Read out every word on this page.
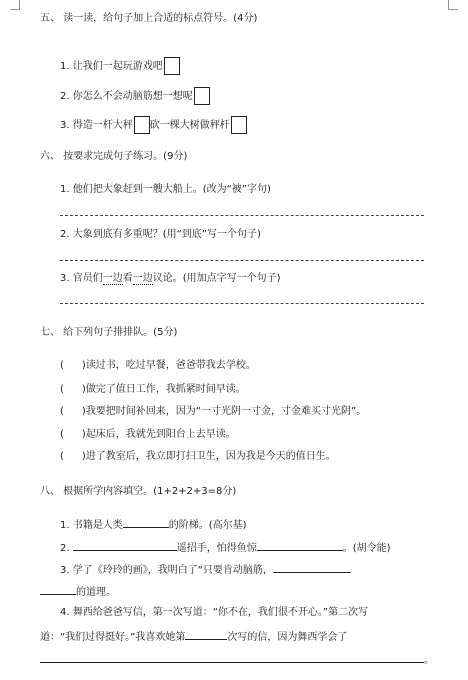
五、 读一读，给句子加上合适的标点符号。(4分)
1. 让我们一起玩游戏吧
2. 你怎么不会动脑筋想一想呢
3. 得造一杆大秤 砍一棵大树做秤杆
六、 按要求完成句子练习。(9分)
1. 他们把大象赶到一艘大船上。(改为“被”字句)
2. 大象到底有多重呢？(用“到底”写一个句子)
3. 官员们一边看一边议论。(用加点字写一个句子)
七、 给下列句子排排队。(5分)
( )读过书，吃过早餐，爸爸带我去学校。
( )做完了值日工作，我抓紧时间早读。
( )我要把时间补回来，因为“一寸光阴一寸金，寸金难买寸光阴”。
( )起床后，我就先到阳台上去早读。
( )进了教室后，我立即打扫卫生，因为我是今天的值日生。
八、 根据所学内容填空。(1+2+2+3=8分)
1. 书籍是人类	的阶梯。(高尔基)
2.	遥招手，怕得鱼惊	。(胡令能)
3. 学了《玲玲的画》，我明白了“只要肯动脑筋，
的道理。
4. 舞西给爸爸写信，第一次写道：“你不在，我们很不开心。”第二次写
道：“我们过得挺好。”我喜欢她第	次写的信，因为舞西学会了
。
